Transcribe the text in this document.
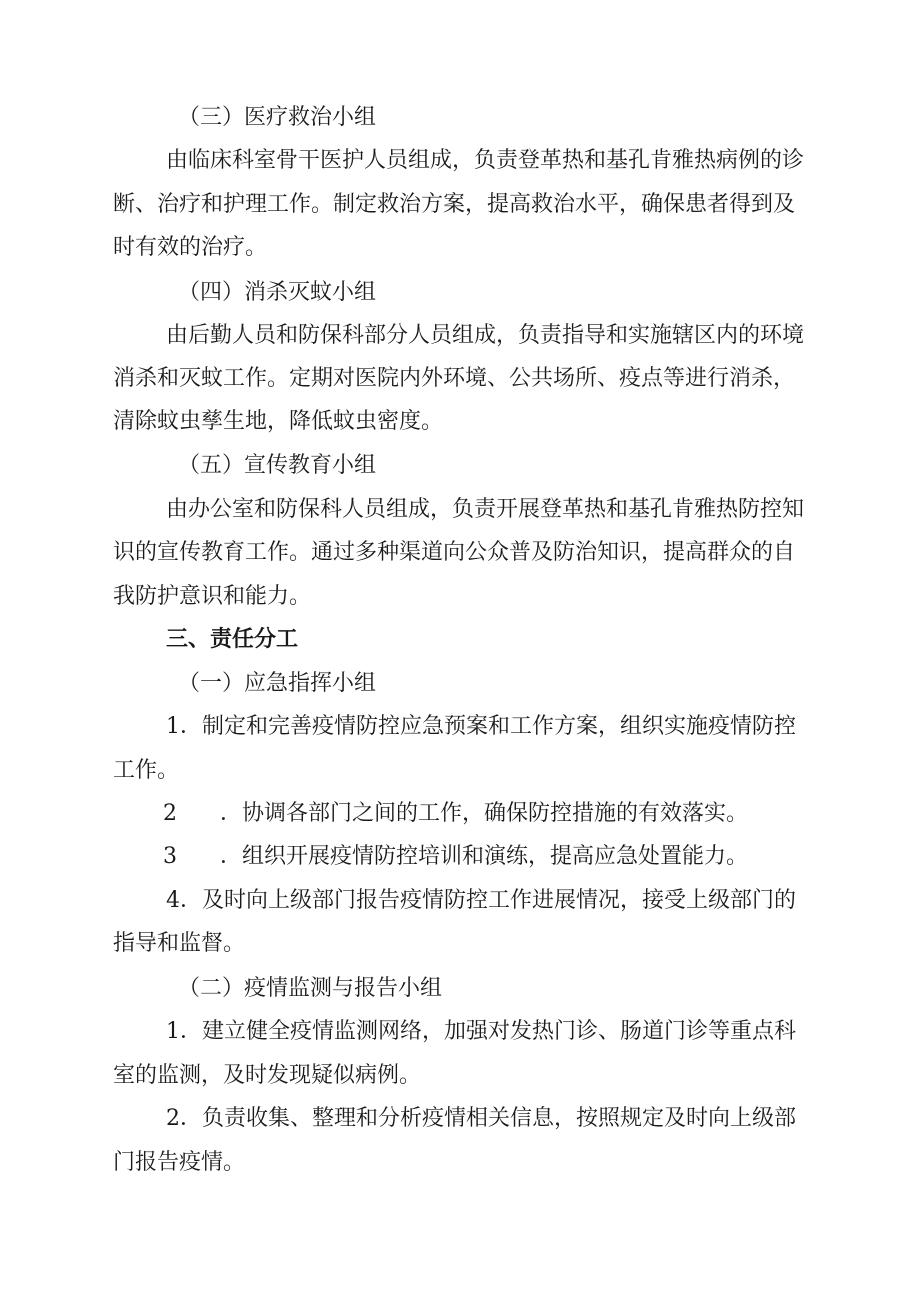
（三）医疗救治小组
由临床科室骨干医护人员组成，负责登革热和基孔肯雅热病例的诊
断、治疗和护理工作。制定救治方案，提高救治水平，确保患者得到及
时有效的治疗。
（四）消杀灭蚊小组
由后勤人员和防保科部分人员组成，负责指导和实施辖区内的环境
消杀和灭蚊工作。定期对医院内外环境、公共场所、疫点等进行消杀，
清除蚊虫孳生地，降低蚊虫密度。
（五）宣传教育小组
由办公室和防保科人员组成，负责开展登革热和基孔肯雅热防控知
识的宣传教育工作。通过多种渠道向公众普及防治知识，提高群众的自
我防护意识和能力。
三、责任分工
（一）应急指挥小组
1．制定和完善疫情防控应急预案和工作方案，组织实施疫情防控
工作。
2 ．协调各部门之间的工作，确保防控措施的有效落实。
3 ．组织开展疫情防控培训和演练，提高应急处置能力。
4．及时向上级部门报告疫情防控工作进展情况，接受上级部门的
指导和监督。
（二）疫情监测与报告小组
1．建立健全疫情监测网络，加强对发热门诊、肠道门诊等重点科
室的监测，及时发现疑似病例。
2．负责收集、整理和分析疫情相关信息，按照规定及时向上级部
门报告疫情。
